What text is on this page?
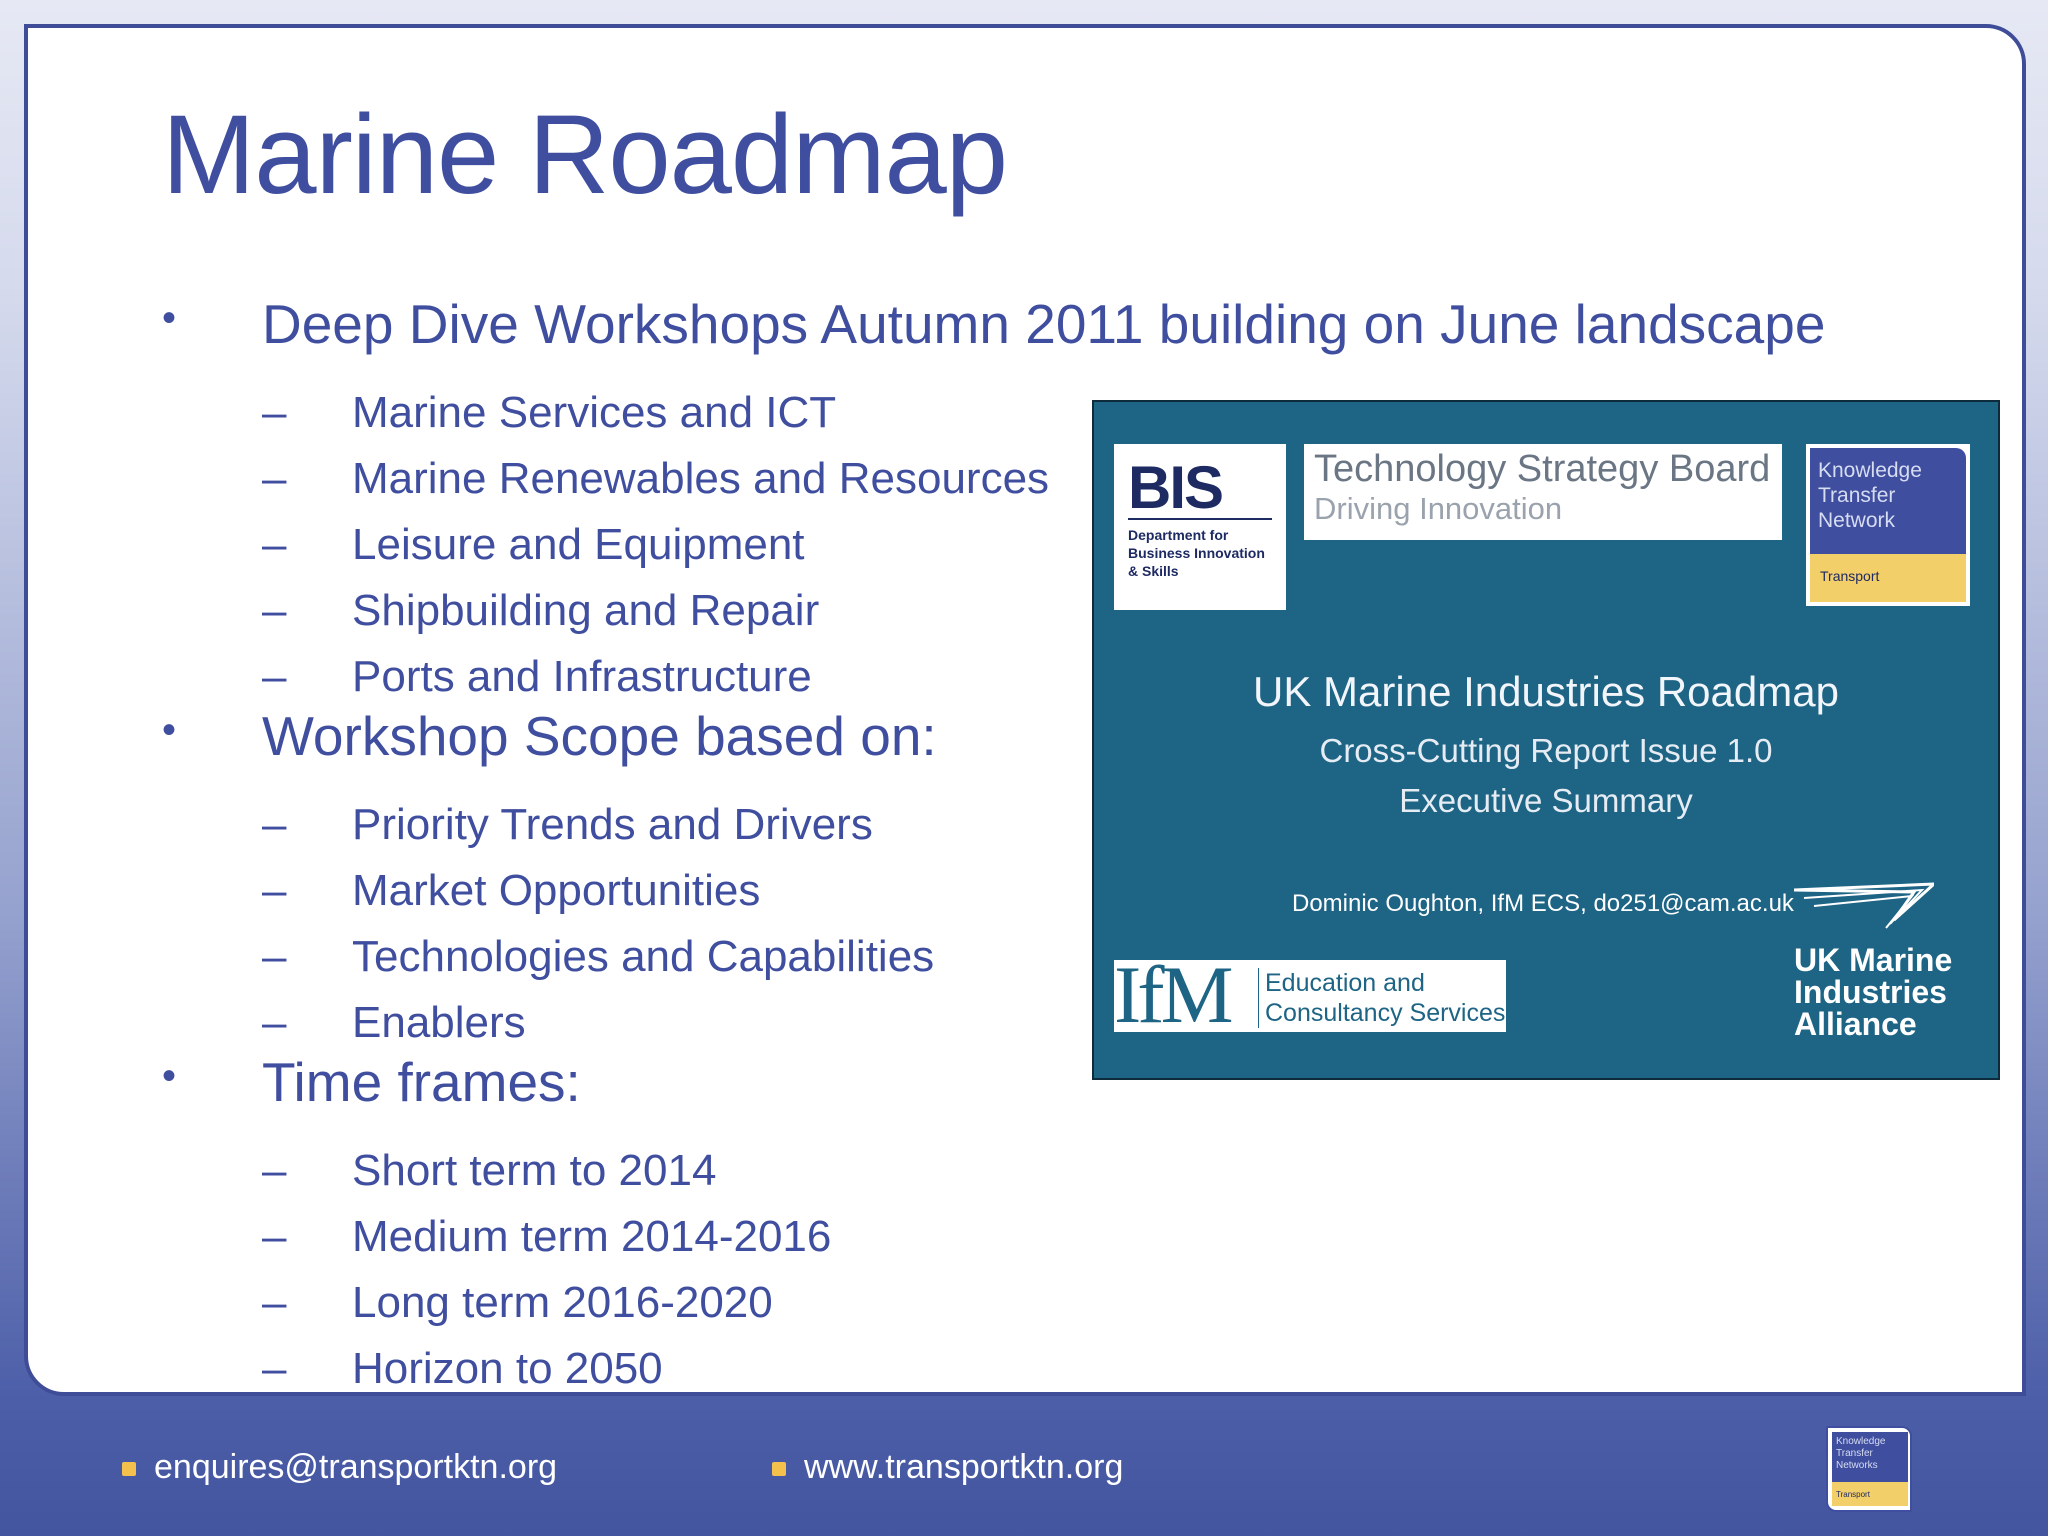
Marine Roadmap
•	Deep Dive Workshops Autumn 2011 building on June landscape
–	Marine Services and ICT
–	Marine Renewables and Resources
–	Leisure and Equipment
–	Shipbuilding and Repair
–	Ports and Infrastructure
•	Workshop Scope based on:
–	Priority Trends and Drivers
–	Market Opportunities
–	Technologies and Capabilities
–	Enablers
•	Time frames:
–	Short term to 2014
–	Medium term 2014-2016
–	Long term 2016-2020
–	Horizon to 2050
BIS
Department for
Business Innovation
& Skills
Technology Strategy Board
Driving Innovation
Knowledge
Transfer
Network
Transport
UK Marine Industries Roadmap
Cross-Cutting Report Issue 1.0
Executive Summary
Dominic Oughton, IfM ECS, do251@cam.ac.uk
IfM Education and
Consultancy Services
UK Marine
Industries
Alliance
enquires@transportktn.org	www.transportktn.org
Knowledge
Transfer
Networks
Transport
